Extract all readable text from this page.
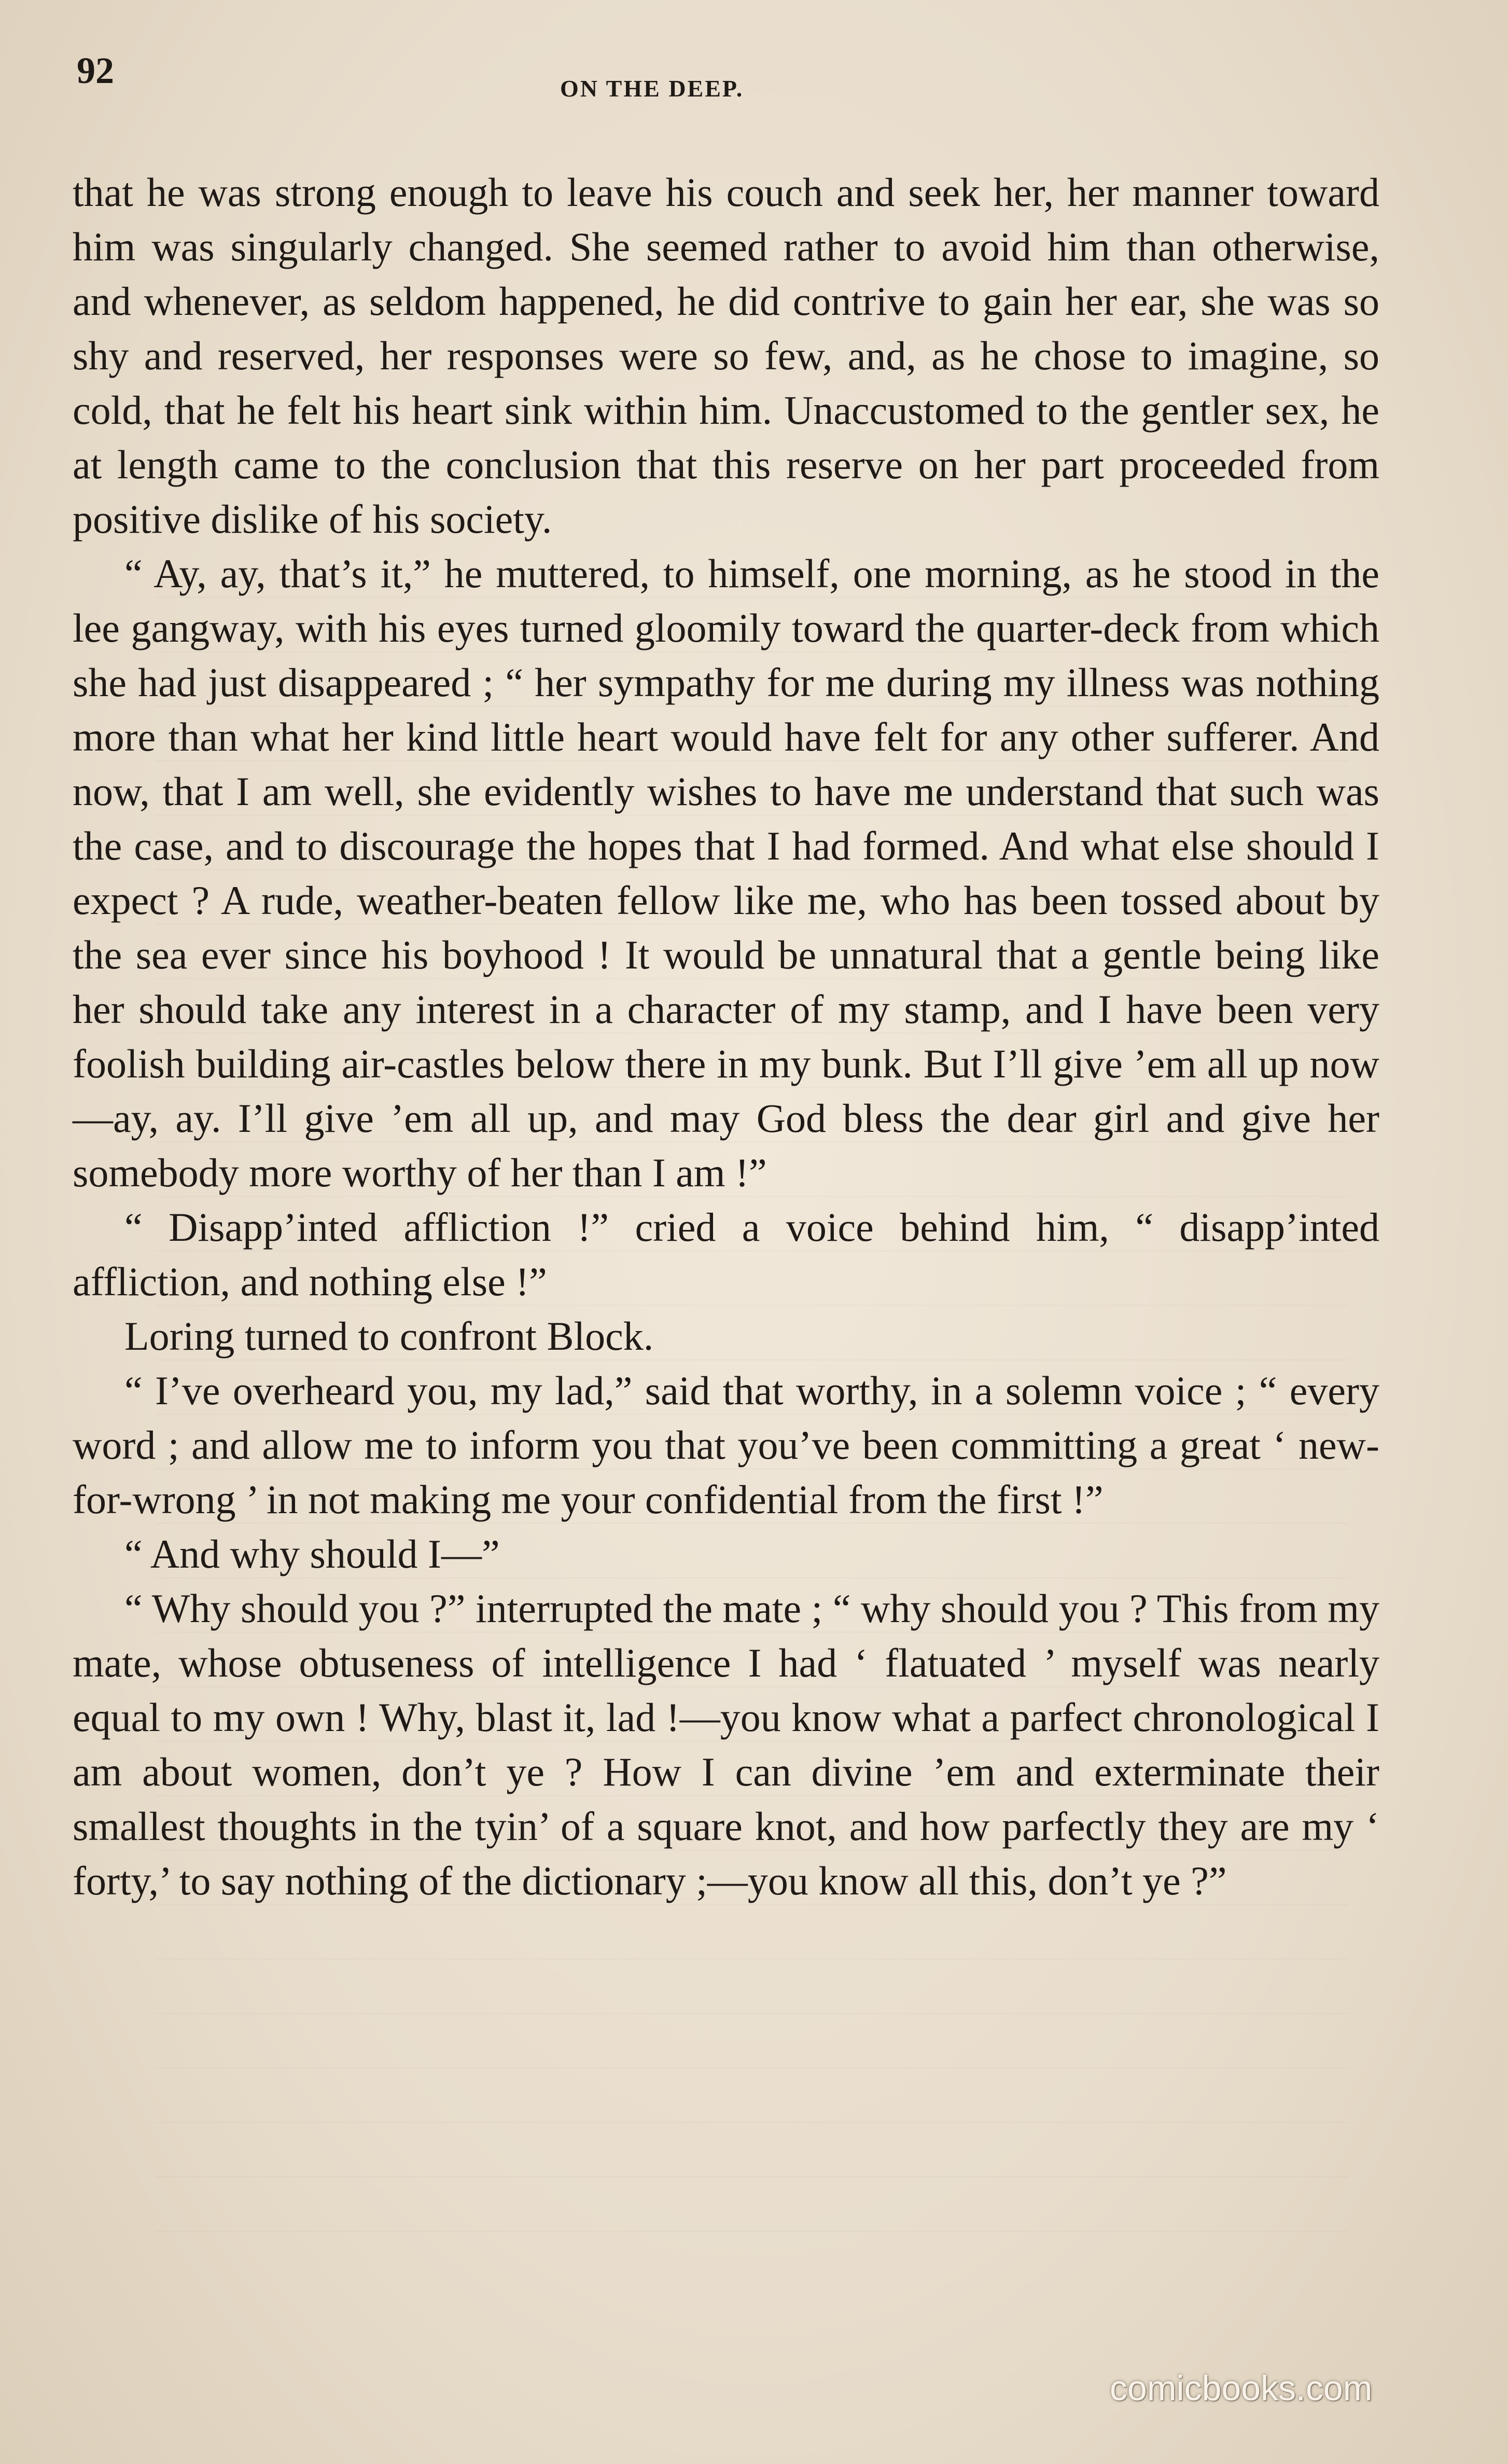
92	ON THE DEEP.

that he was strong enough to leave his couch and seek her, her manner toward him was singularly changed. She seemed rather to avoid him than otherwise, and whenever, as seldom happened, he did contrive to gain her ear, she was so shy and reserved, her responses were so few, and, as he chose to imagine, so cold, that he felt his heart sink within him. Unaccustomed to the gentler sex, he at length came to the conclusion that this reserve on her part proceeded from positive dislike of his society.

“ Ay, ay, that’s it,” he muttered, to himself, one morning, as he stood in the lee gangway, with his eyes turned gloomily toward the quarter-deck from which she had just disappeared ; “ her sympathy for me during my illness was nothing more than what her kind little heart would have felt for any other sufferer. And now, that I am well, she evidently wishes to have me understand that such was the case, and to discourage the hopes that I had formed. And what else should I expect ? A rude, weather-beaten fellow like me, who has been tossed about by the sea ever since his boyhood ! It would be unnatural that a gentle being like her should take any interest in a character of my stamp, and I have been very foolish building air-castles below there in my bunk. But I’ll give ’em all up now—ay, ay. I’ll give ’em all up, and may God bless the dear girl and give her somebody more worthy of her than I am !”

“ Disapp’inted affliction !” cried a voice behind him, “ disapp’inted affliction, and nothing else !”

Loring turned to confront Block.

“ I’ve overheard you, my lad,” said that worthy, in a solemn voice ; “ every word ; and allow me to inform you that you’ve been committing a great ‘ new-for-wrong ’ in not making me your confidential from the first !”

“ And why should I—”

“ Why should you ?” interrupted the mate ; “ why should you ? This from my mate, whose obtuseness of intelligence I had ‘ flatuated ’ myself was nearly equal to my own ! Why, blast it, lad !—you know what a parfect chronological I am about women, don’t ye ? How I can divine ’em and exterminate their smallest thoughts in the tyin’ of a square knot, and how parfectly they are my ‘ forty,’ to say nothing of the dictionary ;—you know all this, don’t ye ?”

comicbooks.com
